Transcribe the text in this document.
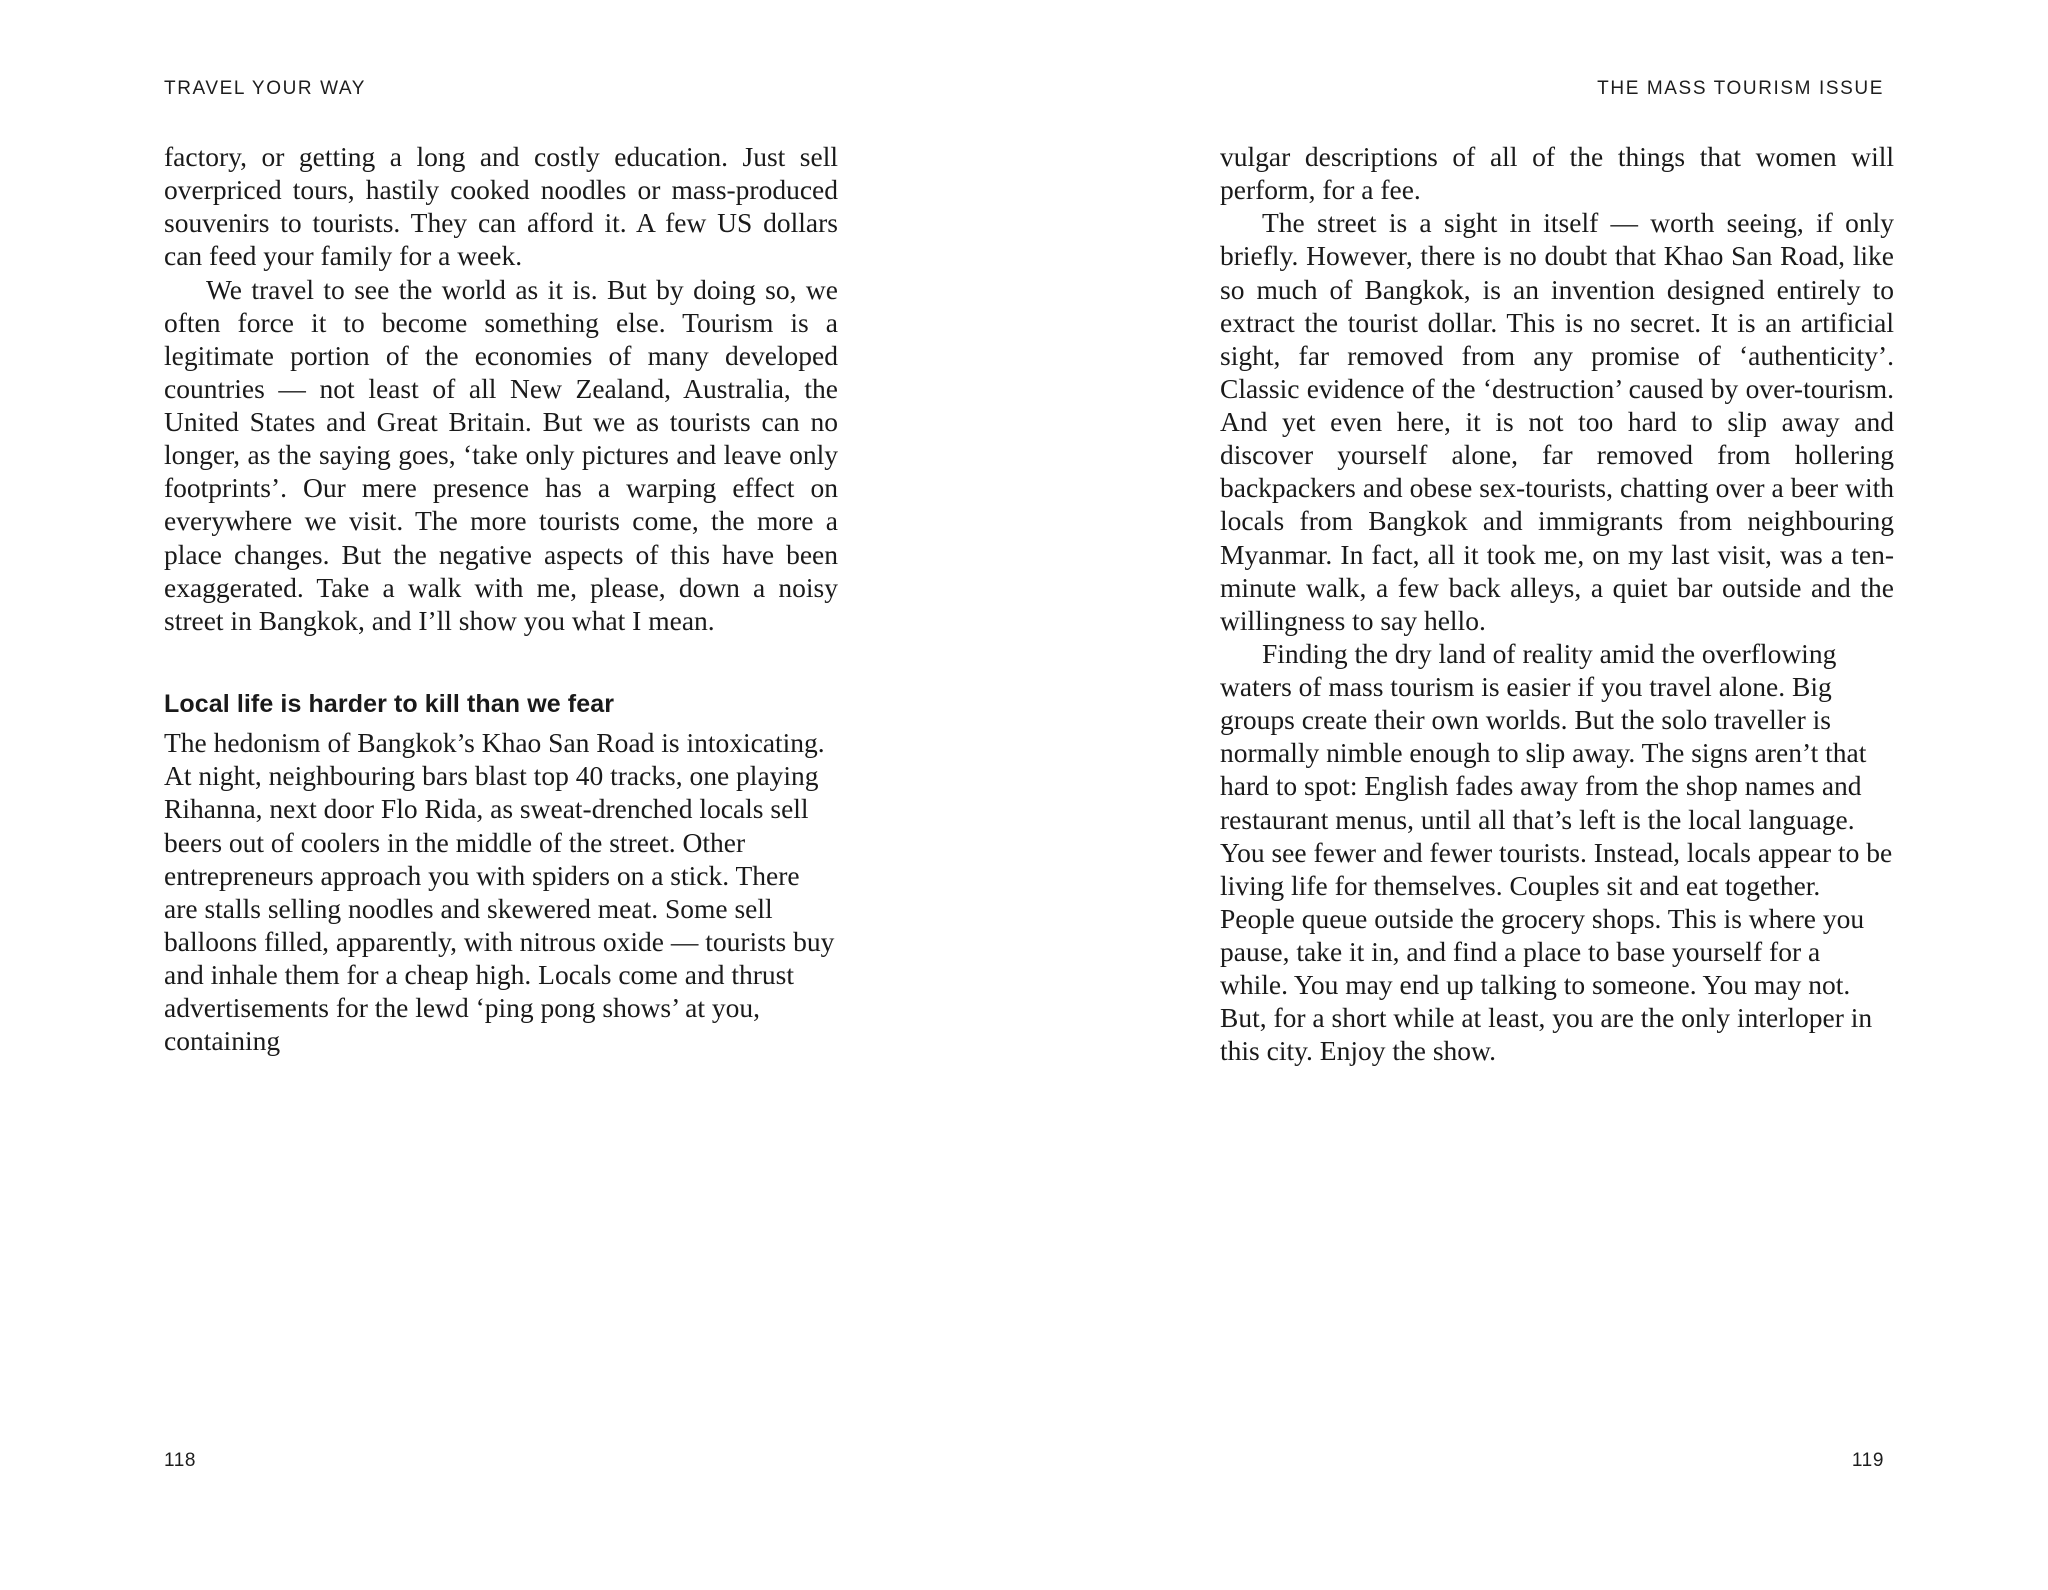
TRAVEL YOUR WAY

factory, or getting a long and costly education. Just sell overpriced tours, hastily cooked noodles or mass-produced souvenirs to tourists. They can afford it. A few US dollars can feed your family for a week.

We travel to see the world as it is. But by doing so, we often force it to become something else. Tourism is a legitimate portion of the economies of many developed countries — not least of all New Zealand, Australia, the United States and Great Britain. But we as tourists can no longer, as the saying goes, ‘take only pictures and leave only footprints’. Our mere presence has a warping effect on everywhere we visit. The more tourists come, the more a place changes. But the negative aspects of this have been exaggerated. Take a walk with me, please, down a noisy street in Bangkok, and I’ll show you what I mean.

Local life is harder to kill than we fear

The hedonism of Bangkok’s Khao San Road is intoxicating. At night, neighbouring bars blast top 40 tracks, one playing Rihanna, next door Flo Rida, as sweat-drenched locals sell beers out of coolers in the middle of the street. Other entrepreneurs approach you with spiders on a stick. There are stalls selling noodles and skewered meat. Some sell balloons filled, apparently, with nitrous oxide — tourists buy and inhale them for a cheap high. Locals come and thrust advertisements for the lewd ‘ping pong shows’ at you, containing

118
THE MASS TOURISM ISSUE

vulgar descriptions of all of the things that women will perform, for a fee.

The street is a sight in itself — worth seeing, if only briefly. However, there is no doubt that Khao San Road, like so much of Bangkok, is an invention designed entirely to extract the tourist dollar. This is no secret. It is an artificial sight, far removed from any promise of ‘authenticity’. Classic evidence of the ‘destruction’ caused by over-tourism. And yet even here, it is not too hard to slip away and discover yourself alone, far removed from hollering backpackers and obese sex-tourists, chatting over a beer with locals from Bangkok and immigrants from neighbouring Myanmar. In fact, all it took me, on my last visit, was a ten-minute walk, a few back alleys, a quiet bar outside and the willingness to say hello.

Finding the dry land of reality amid the overflowing waters of mass tourism is easier if you travel alone. Big groups create their own worlds. But the solo traveller is normally nimble enough to slip away. The signs aren’t that hard to spot: English fades away from the shop names and restaurant menus, until all that’s left is the local language. You see fewer and fewer tourists. Instead, locals appear to be living life for themselves. Couples sit and eat together. People queue outside the grocery shops. This is where you pause, take it in, and find a place to base yourself for a while. You may end up talking to someone. You may not. But, for a short while at least, you are the only interloper in this city. Enjoy the show.

119
